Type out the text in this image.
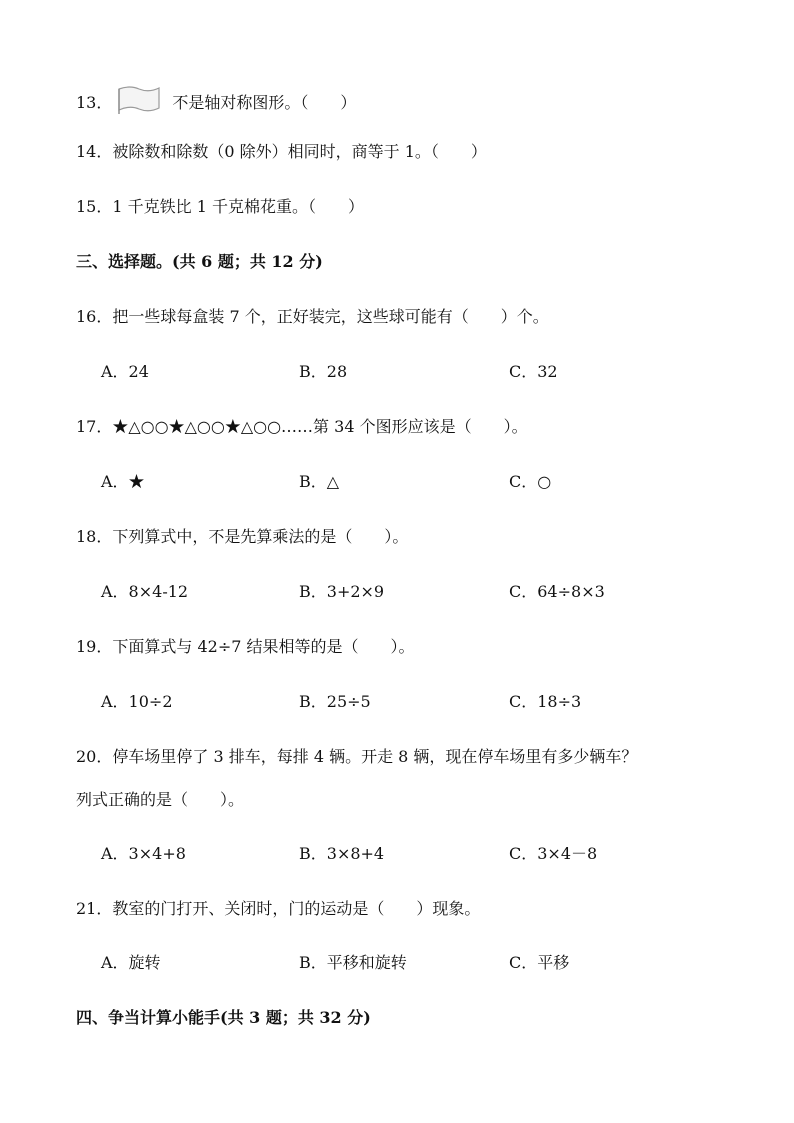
13．	不是轴对称图形。（　　）
14．被除数和除数（0 除外）相同时，商等于 1。（　　）
15．1 千克铁比 1 千克棉花重。（　　）
三、选择题。(共 6 题；共 12 分)
16．把一些球每盒装 7 个，正好装完，这些球可能有（　　）个。
A．24	B．28	C．32
17．★△○○★△○○★△○○……第 34 个图形应该是（　　）。
A．★	B．△	C．○
18．下列算式中，不是先算乘法的是（　　）。
A．8×4-12	B．3+2×9	C．64÷8×3
19．下面算式与 42÷7 结果相等的是（　　）。
A．10÷2	B．25÷5	C．18÷3
20．停车场里停了 3 排车，每排 4 辆。开走 8 辆，现在停车场里有多少辆车？
列式正确的是（　　）。
A．3×4+8	B．3×8+4	C．3×4－8
21．教室的门打开、关闭时，门的运动是（　　）现象。
A．旋转	B．平移和旋转	C．平移
四、争当计算小能手(共 3 题；共 32 分)
